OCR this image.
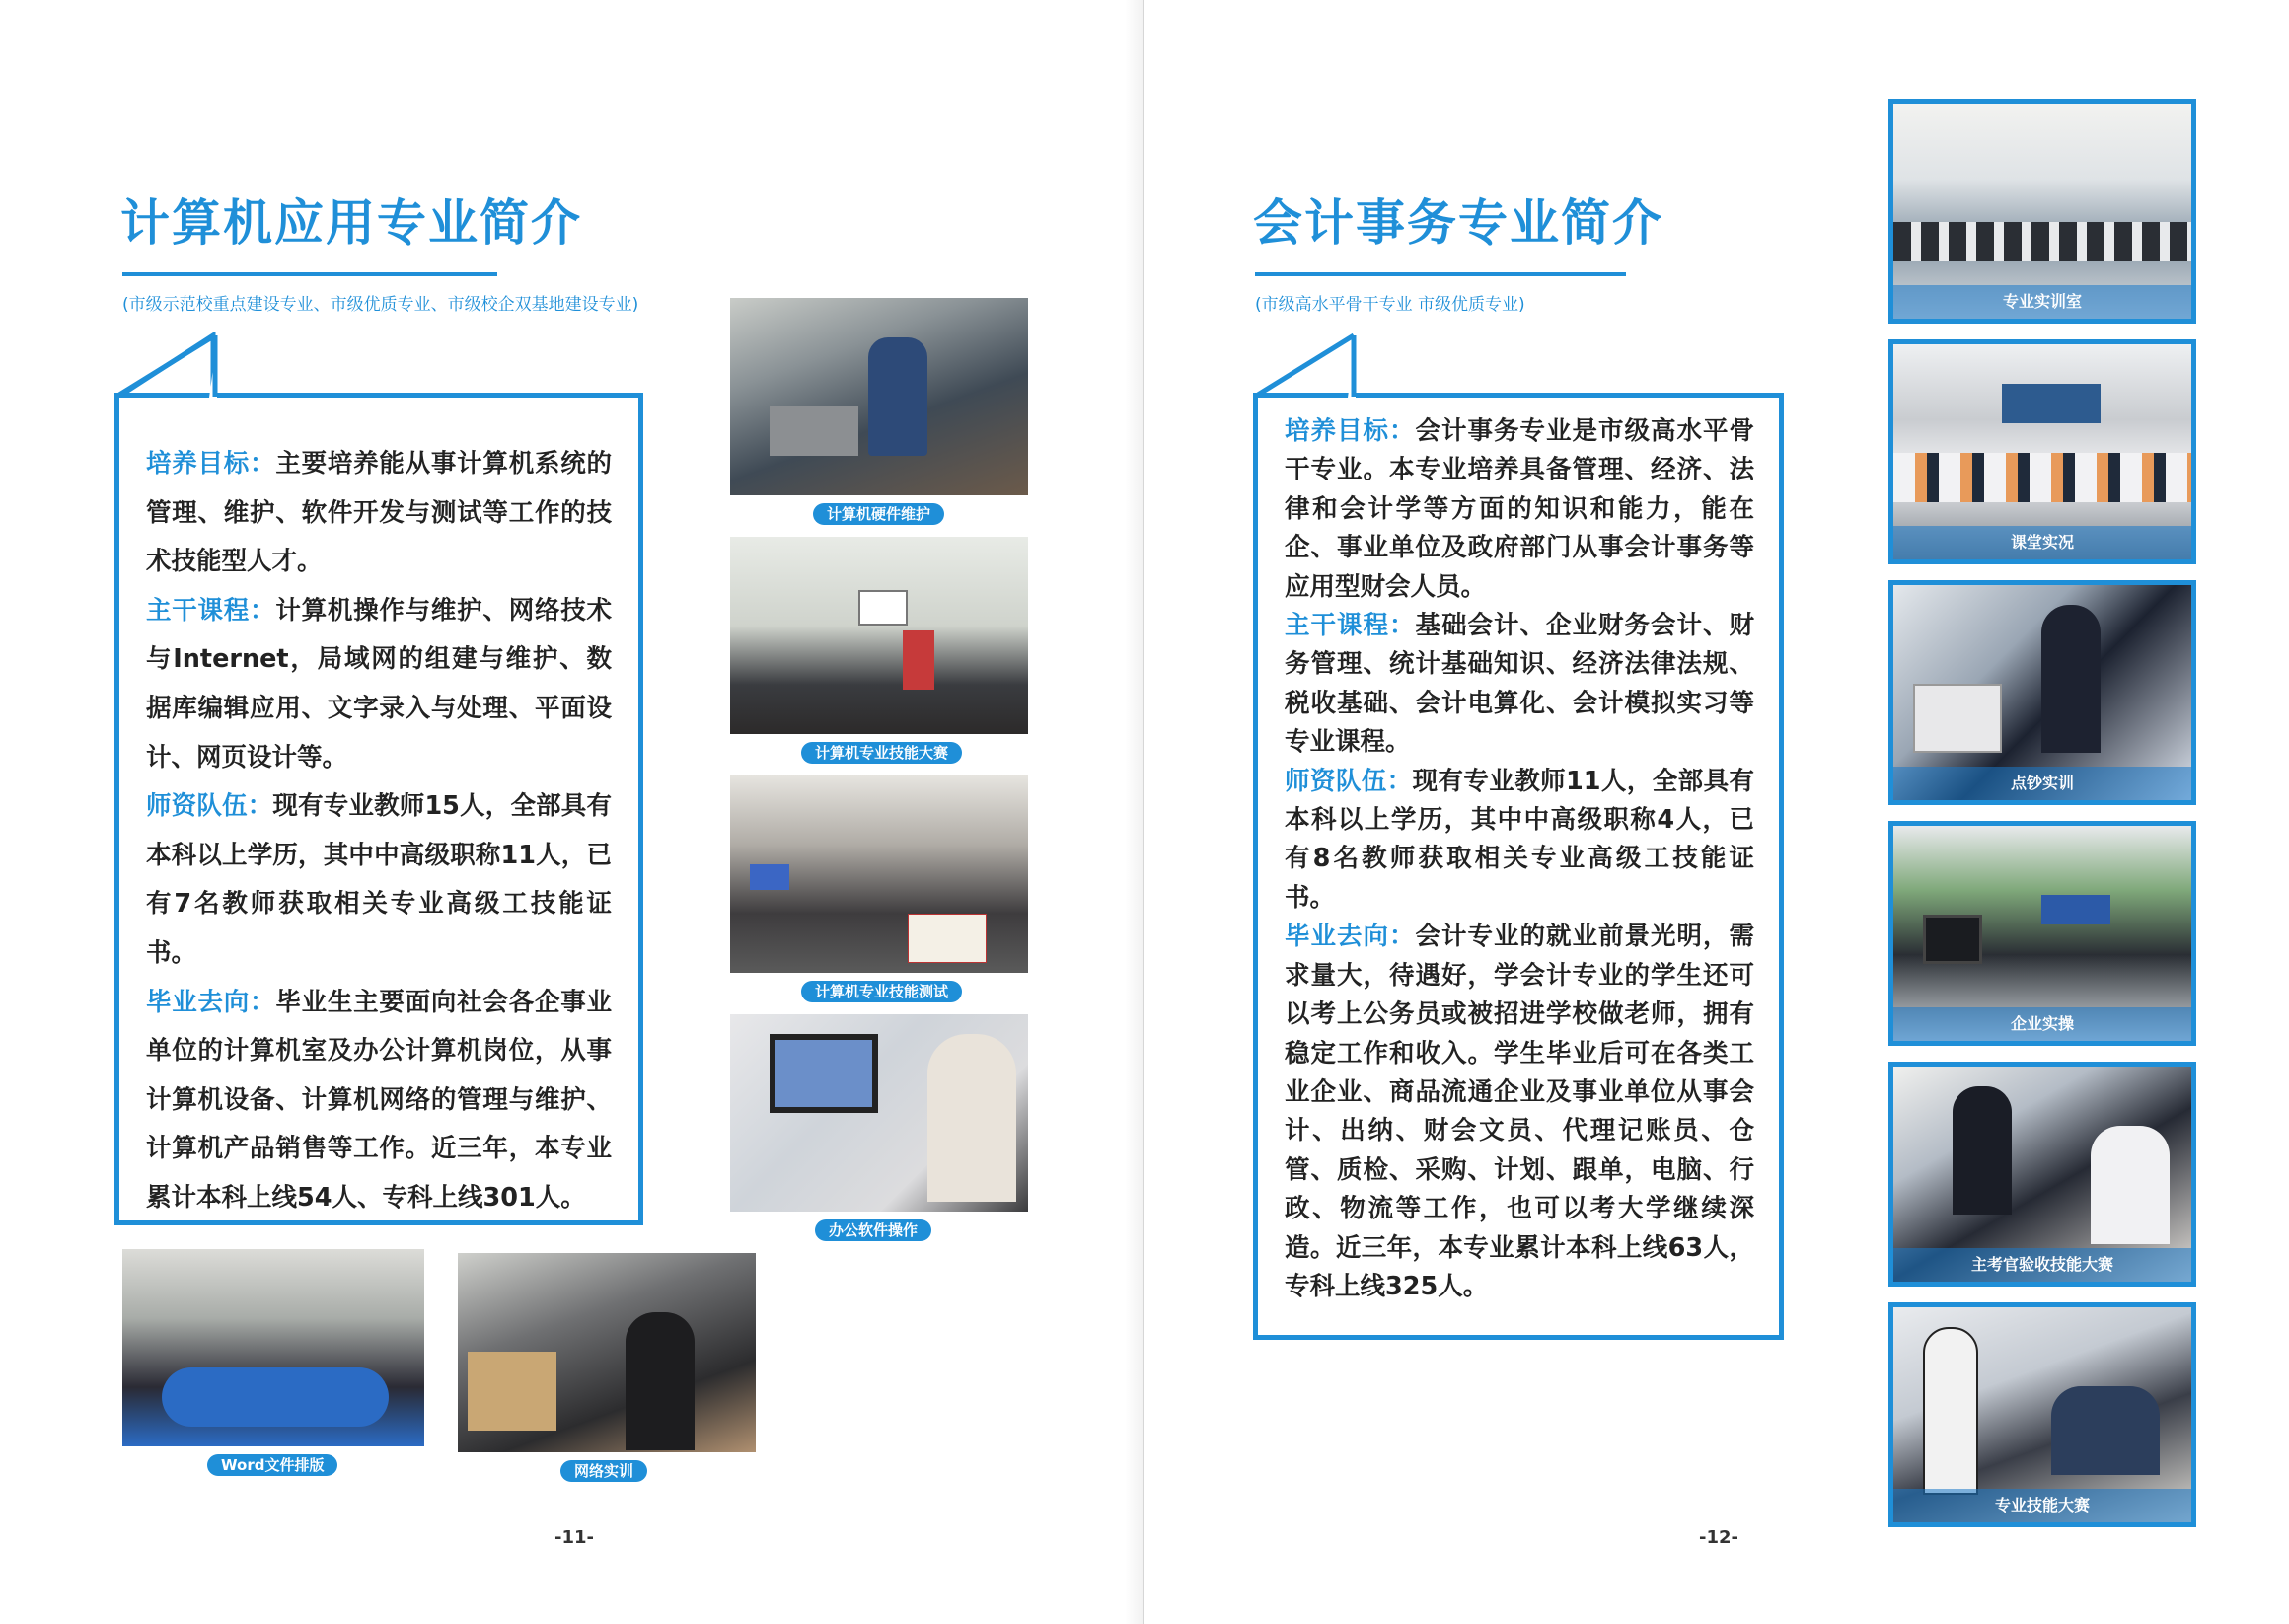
计算机应用专业简介
(市级示范校重点建设专业、市级优质专业、市级校企双基地建设专业)

培养目标：主要培养能从事计算机系统的管理、维护、软件开发与测试等工作的技术技能型人才。

主干课程：计算机操作与维护、网络技术与Internet，局域网的组建与维护、数据库编辑应用、文字录入与处理、平面设计、网页设计等。

师资队伍：现有专业教师15人，全部具有本科以上学历，其中中高级职称11人，已有7名教师获取相关专业高级工技能证书。

毕业去向：毕业生主要面向社会各企事业单位的计算机室及办公计算机岗位，从事计算机设备、计算机网络的管理与维护、计算机产品销售等工作。近三年，本专业累计本科上线54人、专科上线301人。

计算机硬件维护
计算机专业技能大赛
计算机专业技能测试
办公软件操作
Word文件排版	网络实训
-11-
会计事务专业简介
(市级高水平骨干专业 市级优质专业)

培养目标：会计事务专业是市级高水平骨干专业。本专业培养具备管理、经济、法律和会计学等方面的知识和能力，能在企、事业单位及政府部门从事会计事务等应用型财会人员。

主干课程：基础会计、企业财务会计、财务管理、统计基础知识、经济法律法规、税收基础、会计电算化、会计模拟实习等专业课程。

师资队伍：现有专业教师11人，全部具有本科以上学历，其中中高级职称4人，已有8名教师获取相关专业高级工技能证书。

毕业去向：会计专业的就业前景光明，需求量大，待遇好，学会计专业的学生还可以考上公务员或被招进学校做老师，拥有稳定工作和收入。学生毕业后可在各类工业企业、商品流通企业及事业单位从事会计、出纳、财会文员、代理记账员、仓管、质检、采购、计划、跟单，电脑、行政、物流等工作，也可以考大学继续深造。近三年，本专业累计本科上线63人，专科上线325人。

专业实训室
课堂实况
点钞实训
企业实操
主考官验收技能大赛
专业技能大赛
-12-
